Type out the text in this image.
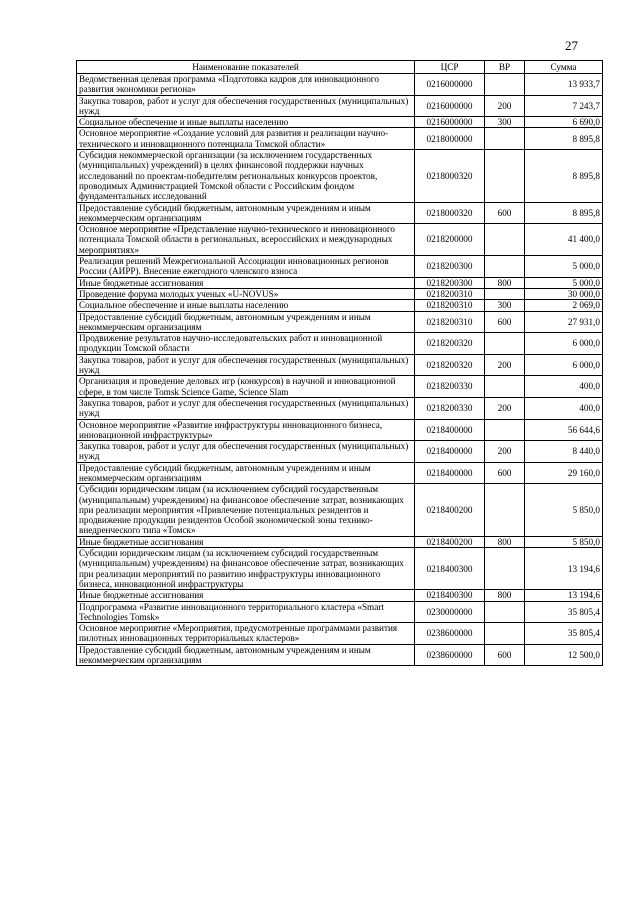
27
Наименование показателей	ЦСР	ВР	Сумма
Ведомственная целевая программа «Подготовка кадров для инновационного развития экономики региона»	0216000000		13 933,7
Закупка товаров, работ и услуг для обеспечения государственных (муниципальных) нужд	0216000000	200	7 243,7
Социальное обеспечение и иные выплаты населению	0216000000	300	6 690,0
Основное мероприятие «Создание условий для развития и реализации научно-технического и инновационного потенциала Томской области»	0218000000		8 895,8
Субсидия некоммерческой организации (за исключением государственных (муниципальных) учреждений) в целях финансовой поддержки научных исследований по проектам-победителям региональных конкурсов проектов, проводимых Администрацией Томской области с Российским фондом фундаментальных исследований	0218000320		8 895,8
Предоставление субсидий бюджетным, автономным учреждениям и иным некоммерческим организациям	0218000320	600	8 895,8
Основное мероприятие «Представление научно-технического и инновационного потенциала Томской области в региональных, всероссийских и международных мероприятиях»	0218200000		41 400,0
Реализация решений Межрегиональной Ассоциации инновационных регионов России (АИРР). Внесение ежегодного членского взноса	0218200300		5 000,0
Иные бюджетные ассигнования	0218200300	800	5 000,0
Проведение форума молодых ученых «U-NOVUS»	0218200310		30 000,0
Социальное обеспечение и иные выплаты населению	0218200310	300	2 069,0
Предоставление субсидий бюджетным, автономным учреждениям и иным некоммерческим организациям	0218200310	600	27 931,0
Продвижение результатов научно-исследовательских работ и инновационной продукции Томской области	0218200320		6 000,0
Закупка товаров, работ и услуг для обеспечения государственных (муниципальных) нужд	0218200320	200	6 000,0
Организация и проведение деловых игр (конкурсов) в научной и инновационной сфере, в том числе Tomsk Science Game, Science Slam	0218200330		400,0
Закупка товаров, работ и услуг для обеспечения государственных (муниципальных) нужд	0218200330	200	400,0
Основное мероприятие «Развитие инфраструктуры инновационного бизнеса, инновационной инфраструктуры»	0218400000		56 644,6
Закупка товаров, работ и услуг для обеспечения государственных (муниципальных) нужд	0218400000	200	8 440,0
Предоставление субсидий бюджетным, автономным учреждениям и иным некоммерческим организациям	0218400000	600	29 160,0
Субсидии юридическим лицам (за исключением субсидий государственным (муниципальным) учреждениям) на финансовое обеспечение затрат, возникающих при реализации мероприятия «Привлечение потенциальных резидентов и продвижение продукции резидентов Особой экономической зоны технико-внедренческого типа «Томск»	0218400200		5 850,0
Иные бюджетные ассигнования	0218400200	800	5 850,0
Субсидии юридическим лицам (за исключением субсидий государственным (муниципальным) учреждениям) на финансовое обеспечение затрат, возникающих при реализации мероприятий по развитию инфраструктуры инновационного бизнеса, инновационной инфраструктуры	0218400300		13 194,6
Иные бюджетные ассигнования	0218400300	800	13 194,6
Подпрограмма «Развитие инновационного территориального кластера «Smart Technologies Tomsk»	0230000000		35 805,4
Основное мероприятие «Мероприятия, предусмотренные программами развития пилотных инновационных территориальных кластеров»	0238600000		35 805,4
Предоставление субсидий бюджетным, автономным учреждениям и иным некоммерческим организациям	0238600000	600	12 500,0
